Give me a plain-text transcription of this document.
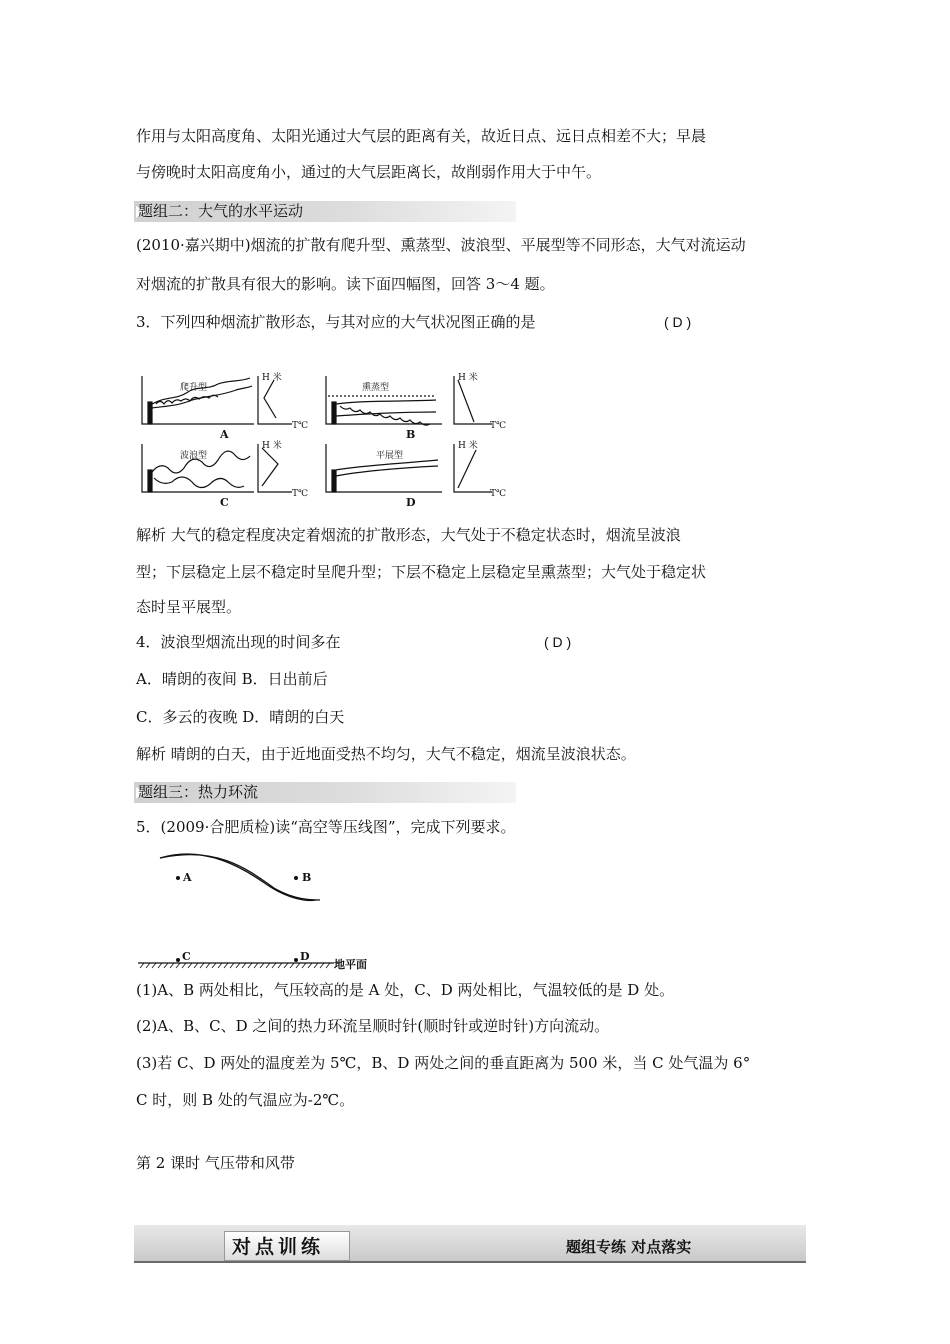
作用与太阳高度角、太阳光通过大气层的距离有关，故近日点、远日点相差不大；早晨
与傍晚时太阳高度角小，通过的大气层距离长，故削弱作用大于中午。
题组二：大气的水平运动
(2010·嘉兴期中)烟流的扩散有爬升型、熏蒸型、波浪型、平展型等不同形态，大气对流运动
对烟流的扩散具有很大的影响。读下面四幅图，回答 3～4 题。
3．下列四种烟流扩散形态，与其对应的大气状况图正确的是	( D )
爬升型	熏蒸型
波浪型	平展型
H 米	H 米
H 米	H 米
T℃	T℃
T℃	T℃
A	B
C	D
解析 大气的稳定程度决定着烟流的扩散形态，大气处于不稳定状态时，烟流呈波浪
型；下层稳定上层不稳定时呈爬升型；下层不稳定上层稳定呈熏蒸型；大气处于稳定状
态时呈平展型。
4．波浪型烟流出现的时间多在	( D )
A．晴朗的夜间 B．日出前后
C．多云的夜晚 D．晴朗的白天
解析 晴朗的白天，由于近地面受热不均匀，大气不稳定，烟流呈波浪状态。
题组三：热力环流
5．(2009·合肥质检)读“高空等压线图”，完成下列要求。
A	B
C	D
地平面
(1)A、B 两处相比，气压较高的是 A 处，C、D 两处相比，气温较低的是 D 处。
(2)A、B、C、D 之间的热力环流呈顺时针(顺时针或逆时针)方向流动。
(3)若 C、D 两处的温度差为 5℃，B、D 两处之间的垂直距离为 500 米，当 C 处气温为 6°
C 时，则 B 处的气温应为-2℃。
第 2 课时 气压带和风带
对点训练	题组专练 对点落实
